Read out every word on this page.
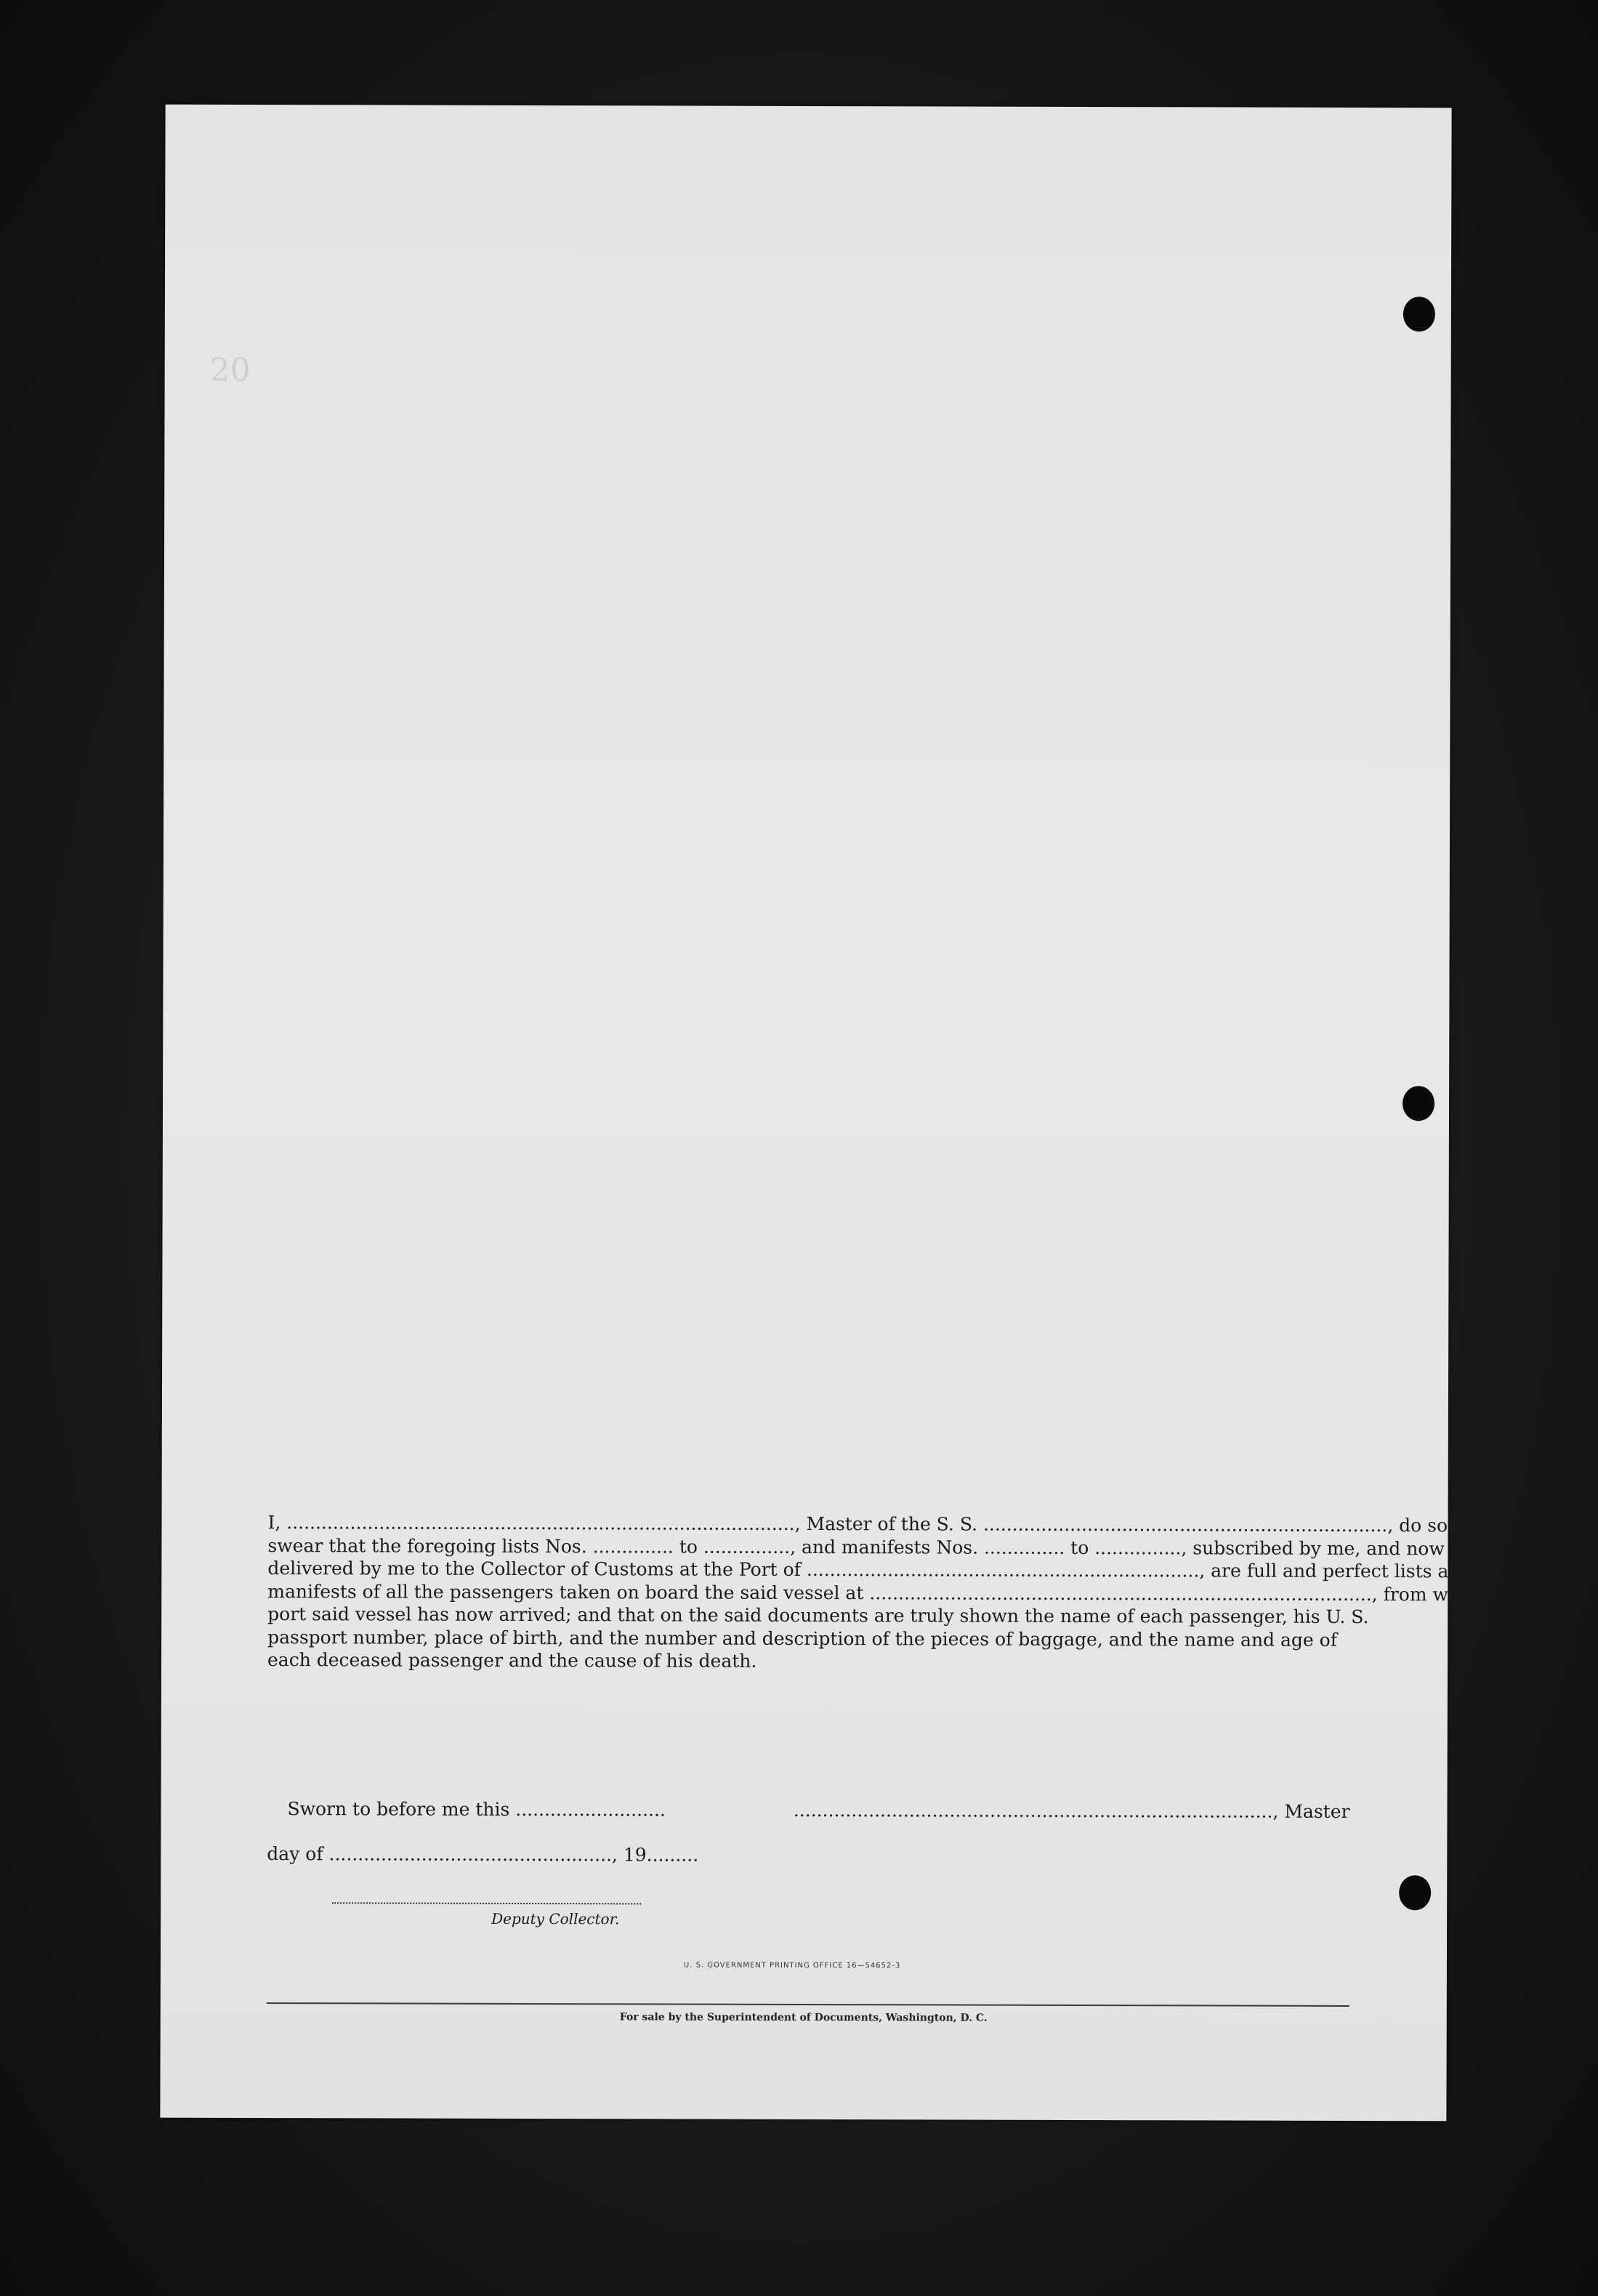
20
I, ........................................................................................, Master of the S. S. ......................................................................, do solemnly
swear that the foregoing lists Nos. .............. to ..............., and manifests Nos. .............. to ..............., subscribed by me, and now
delivered by me to the Collector of Customs at the Port of ...................................................................., are full and perfect lists and
manifests of all the passengers taken on board the said vessel at ......................................................................................., from which
port said vessel has now arrived; and that on the said documents are truly shown the name of each passenger, his U. S.
passport number, place of birth, and the number and description of the pieces of baggage, and the name and age of
each deceased passenger and the cause of his death.
Sworn to before me this ..........................	..................................................................................., Master
day of ................................................., 19.........
Deputy Collector.
U. S. GOVERNMENT PRINTING OFFICE 16—54652-3
For sale by the Superintendent of Documents, Washington, D. C.
